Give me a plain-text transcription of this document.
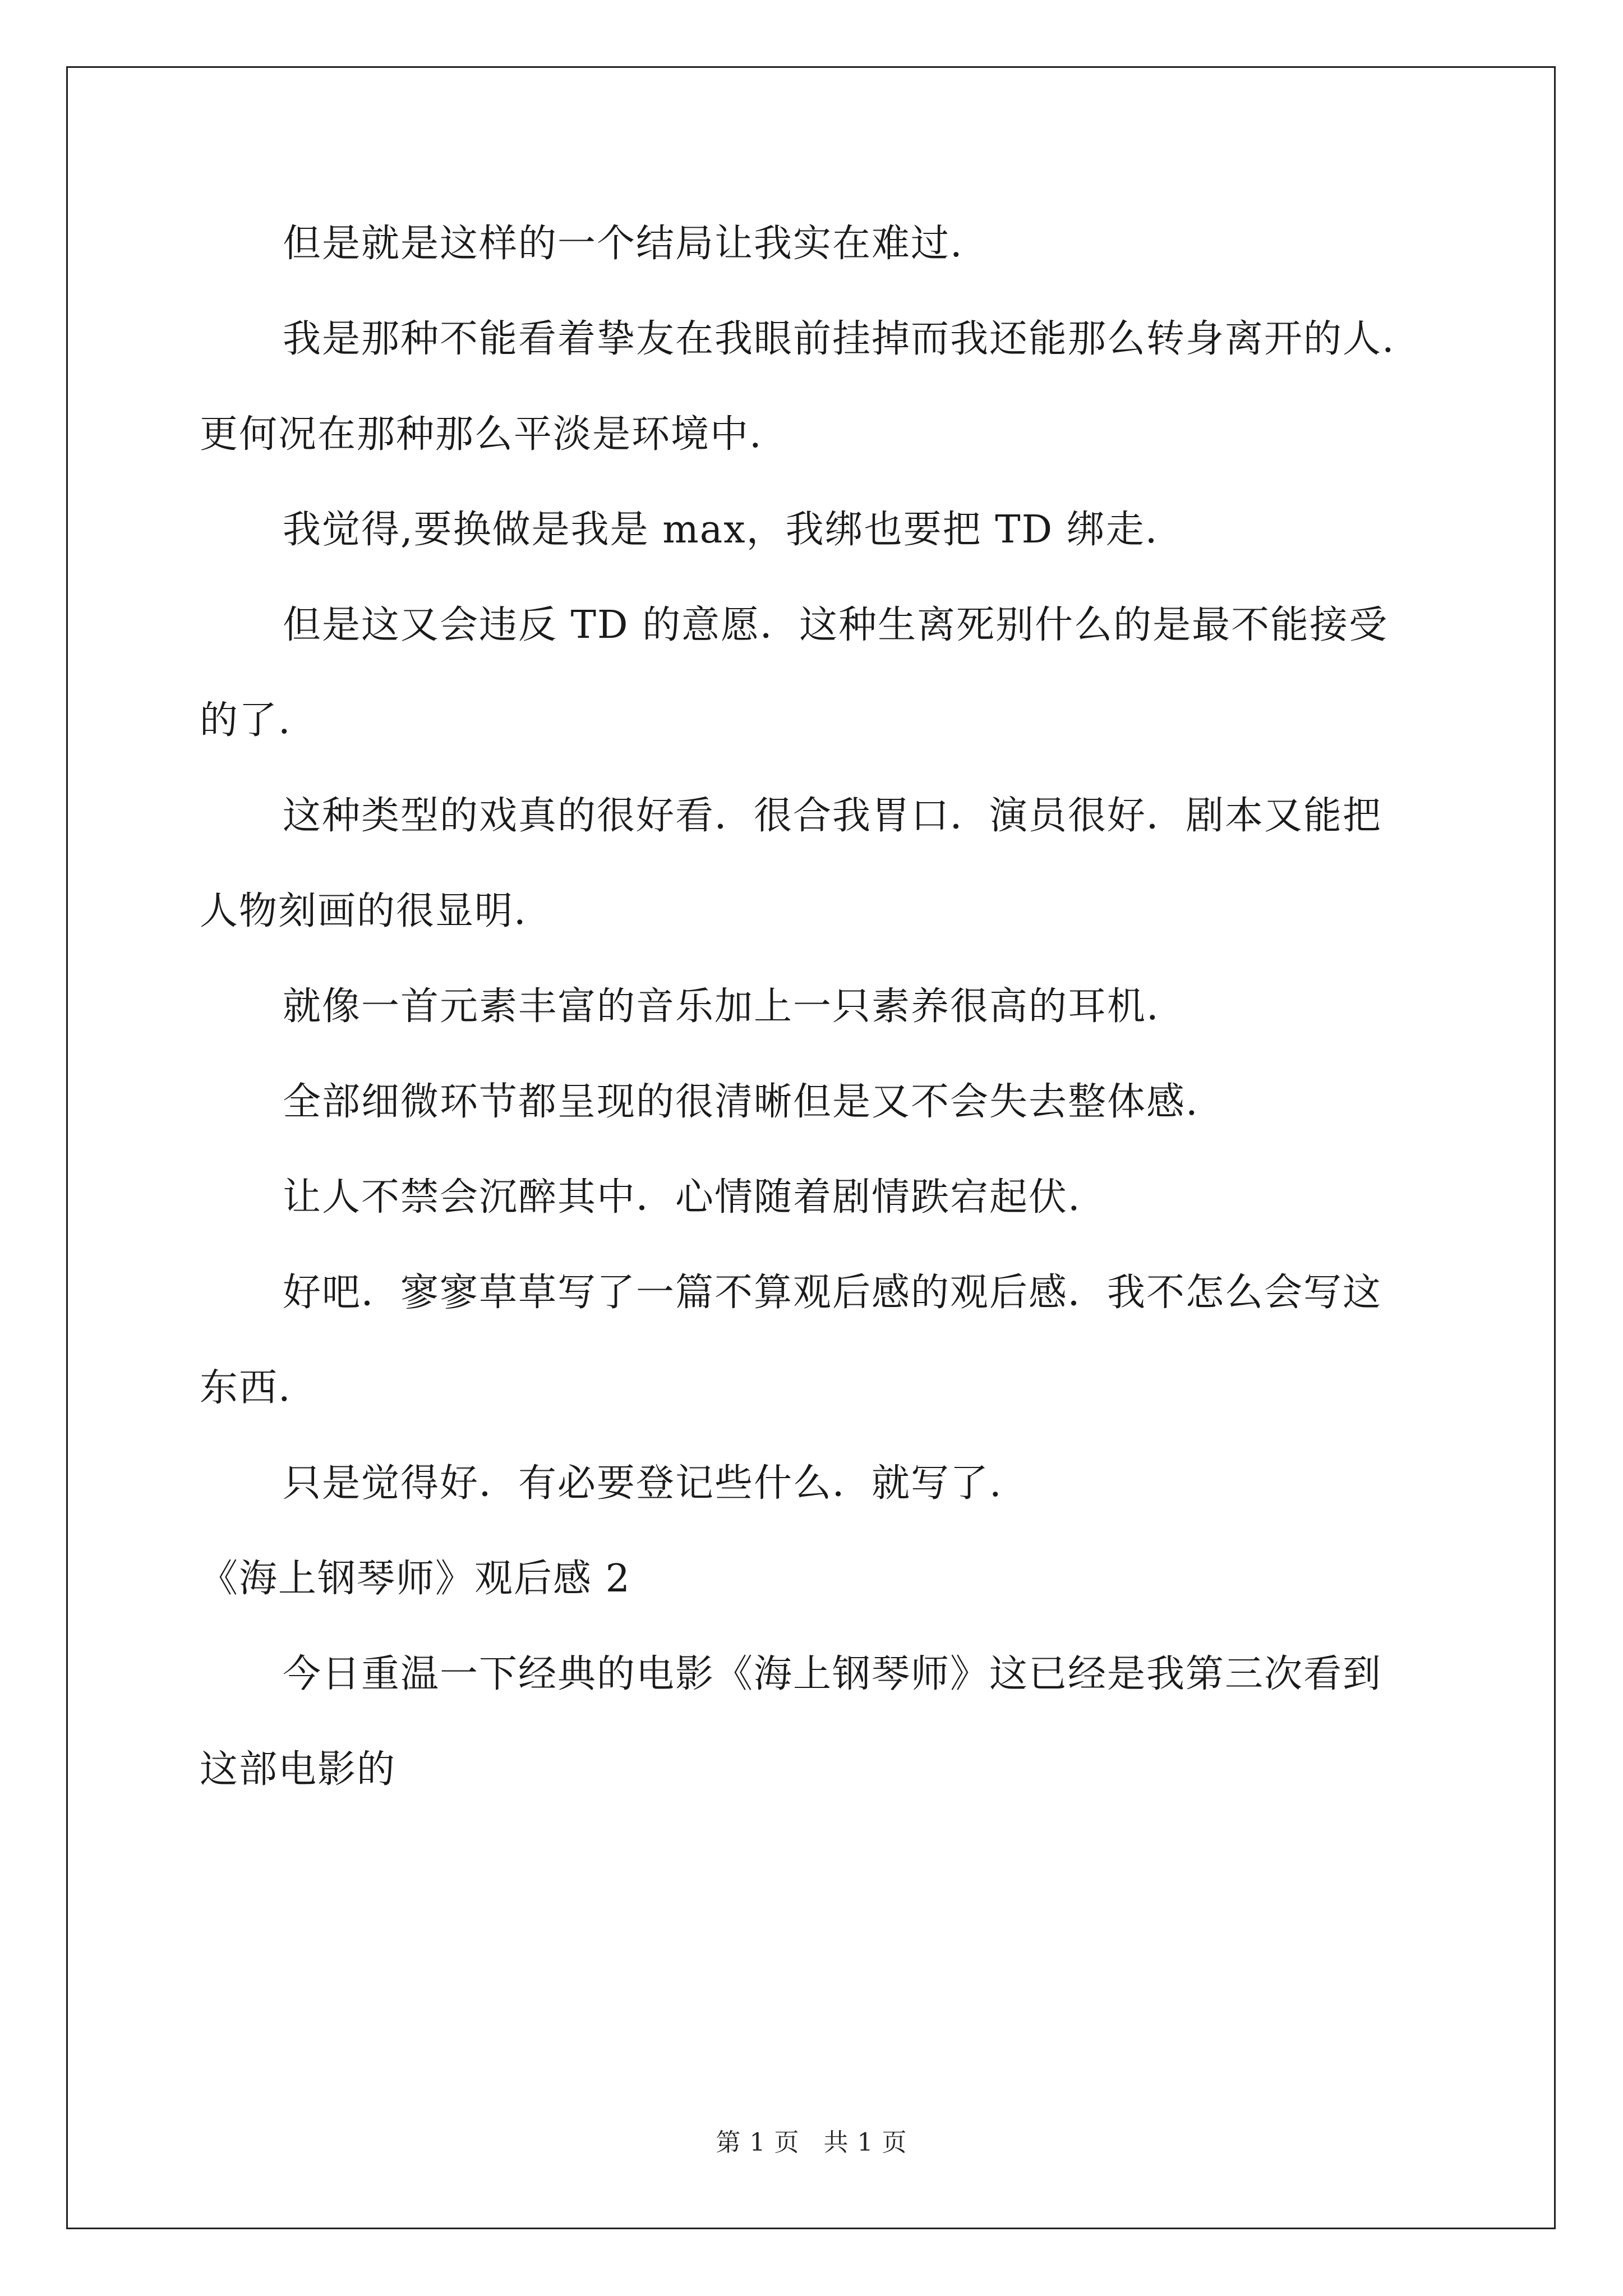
但是就是这样的一个结局让我实在难过.
我是那种不能看着挚友在我眼前挂掉而我还能那么转身离开的人.
更何况在那种那么平淡是环境中.
我觉得,要换做是我是 max，我绑也要把 TD 绑走.
但是这又会违反 TD 的意愿．这种生离死别什么的是最不能接受
的了.
这种类型的戏真的很好看．很合我胃口．演员很好．剧本又能把
人物刻画的很显明.
就像一首元素丰富的音乐加上一只素养很高的耳机.
全部细微环节都呈现的很清晰但是又不会失去整体感.
让人不禁会沉醉其中．心情随着剧情跌宕起伏.
好吧．寥寥草草写了一篇不算观后感的观后感．我不怎么会写这
东西.
只是觉得好．有必要登记些什么．就写了.
《海上钢琴师》观后感 2
今日重温一下经典的电影《海上钢琴师》这已经是我第三次看到
这部电影的
第 1 页 共 1 页
